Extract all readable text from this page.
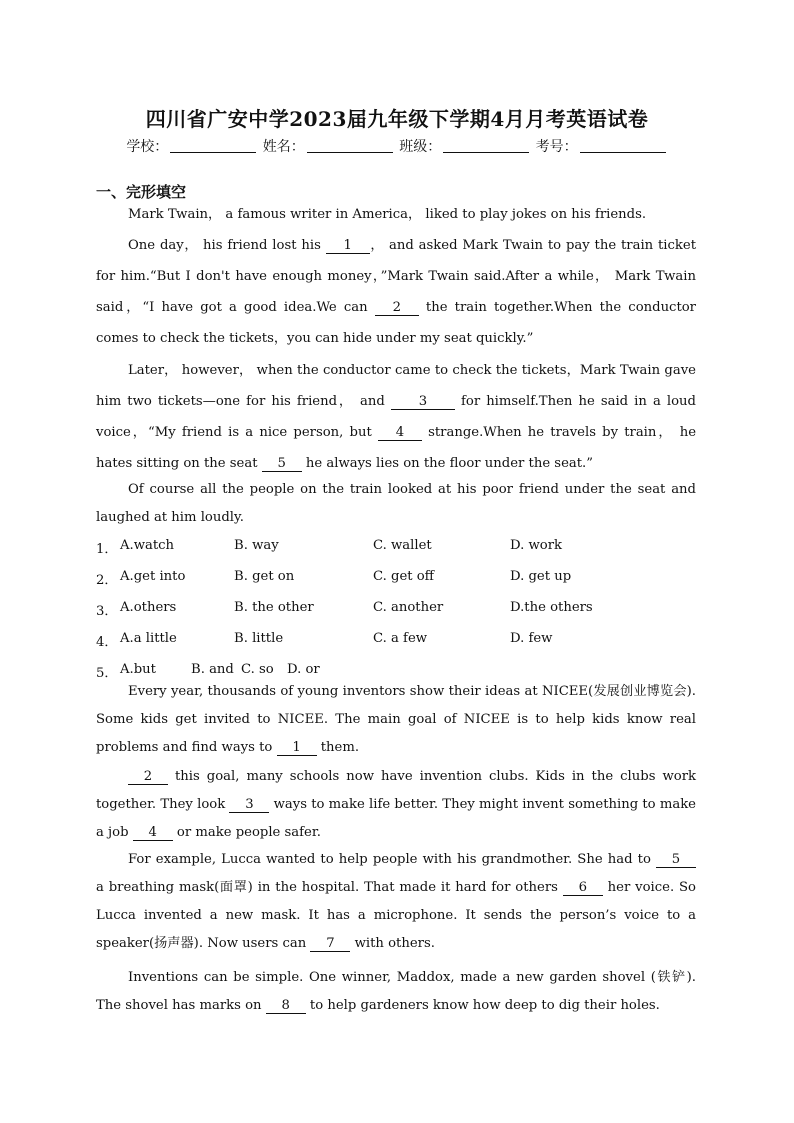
四川省广安中学2023届九年级下学期4月月考英语试卷
学校：	姓名：	班级：	考号：
一、完形填空
Mark Twain， a famous writer in America， liked to play jokes on his friends.
One day， his friend lost his 1 ， and asked Mark Twain to pay the train ticket for him.“But I don't have enough money，”Mark Twain said.After a while， Mark Twain said，“I have got a good idea.We can 2 the train together.When the conductor comes to check the tickets，you can hide under my seat quickly.”
Later， however， when the conductor came to check the tickets，Mark Twain gave him two tickets—one for his friend， and 3 for himself.Then he said in a loud voice，“My friend is a nice person, but 4 strange.When he travels by train， he hates sitting on the seat 5 he always lies on the floor under the seat.”
Of course all the people on the train looked at his poor friend under the seat and laughed at him loudly.
1． A.watch	B. way	C. wallet	D. work
2． A.get into	B. get on	C. get off	D. get up
3． A.others	B. the other	C. another	D.the others
4． A.a little	B. little	C. a few	D. few
5． A.but	B. and C. so D. or
Every year, thousands of young inventors show their ideas at NICEE(发展创业博览会). Some kids get invited to NICEE. The main goal of NICEE is to help kids know real problems and find ways to 1 them.
2 this goal, many schools now have invention clubs. Kids in the clubs work together. They look 3 ways to make life better. They might invent something to make a job 4 or make people safer.
For example, Lucca wanted to help people with his grandmother. She had to 5 a breathing mask(面罩) in the hospital. That made it hard for others 6 her voice. So Lucca invented a new mask. It has a microphone. It sends the person’s voice to a speaker(扬声器). Now users can 7 with others.
Inventions can be simple. One winner, Maddox, made a new garden shovel (铁铲). The shovel has marks on 8 to help gardeners know how deep to dig their holes.
